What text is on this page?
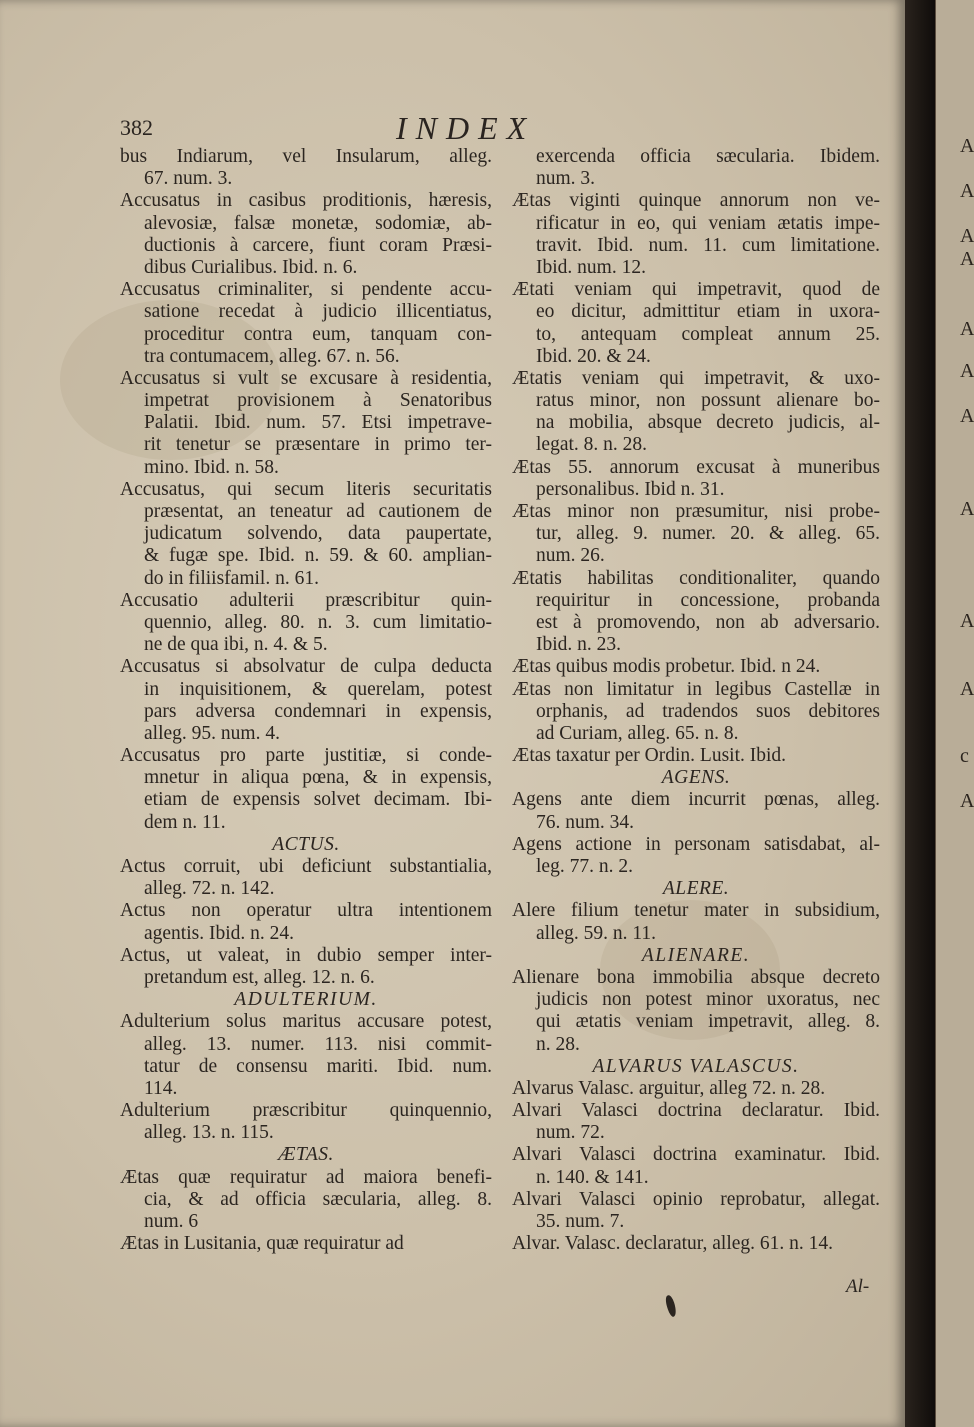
382	INDEX
bus Indiarum, vel Insularum, alleg.
67. num. 3.
Accusatus in casibus proditionis, hæresis,
alevosiæ, falsæ monetæ, sodomiæ, ab-
ductionis à carcere, fiunt coram Præsi-
dibus Curialibus. Ibid. n. 6.
Accusatus criminaliter, si pendente accu-
satione recedat à judicio illicentiatus,
proceditur contra eum, tanquam con-
tra contumacem, alleg. 67. n. 56.
Accusatus si vult se excusare à residentia,
impetrat provisionem à Senatoribus
Palatii. Ibid. num. 57. Etsi impetrave-
rit tenetur se præsentare in primo ter-
mino. Ibid. n. 58.
Accusatus, qui secum literis securitatis
præsentat, an teneatur ad cautionem de
judicatum solvendo, data paupertate,
& fugæ spe. Ibid. n. 59. & 60. amplian-
do in filiisfamil. n. 61.
Accusatio adulterii præscribitur quin-
quennio, alleg. 80. n. 3. cum limitatio-
ne de qua ibi, n. 4. & 5.
Accusatus si absolvatur de culpa deducta
in inquisitionem, & querelam, potest
pars adversa condemnari in expensis,
alleg. 95. num. 4.
Accusatus pro parte justitiæ, si conde-
mnetur in aliqua pœna, & in expensis,
etiam de expensis solvet decimam. Ibi-
dem n. 11.
ACTUS.
Actus corruit, ubi deficiunt substantialia,
alleg. 72. n. 142.
Actus non operatur ultra intentionem
agentis. Ibid. n. 24.
Actus, ut valeat, in dubio semper inter-
pretandum est, alleg. 12. n. 6.
ADULTERIUM.
Adulterium solus maritus accusare potest,
alleg. 13. numer. 113. nisi commit-
tatur de consensu mariti. Ibid. num.
114.
Adulterium præscribitur quinquennio,
alleg. 13. n. 115.
ÆTAS.
Ætas quæ requiratur ad maiora benefi-
cia, & ad officia sæcularia, alleg. 8.
num. 6
Ætas in Lusitania, quæ requiratur ad
exercenda officia sæcularia. Ibidem.
num. 3.
Ætas viginti quinque annorum non ve-
rificatur in eo, qui veniam ætatis impe-
travit. Ibid. num. 11. cum limitatione.
Ibid. num. 12.
Ætati veniam qui impetravit, quod de
eo dicitur, admittitur etiam in uxora-
to, antequam compleat annum 25.
Ibid. 20. & 24.
Ætatis veniam qui impetravit, & uxo-
ratus minor, non possunt alienare bo-
na mobilia, absque decreto judicis, al-
legat. 8. n. 28.
Ætas 55. annorum excusat à muneribus
personalibus. Ibid n. 31.
Ætas minor non præsumitur, nisi probe-
tur, alleg. 9. numer. 20. & alleg. 65.
num. 26.
Ætatis habilitas conditionaliter, quando
requiritur in concessione, probanda
est à promovendo, non ab adversario.
Ibid. n. 23.
Ætas quibus modis probetur. Ibid. n 24.
Ætas non limitatur in legibus Castellæ in
orphanis, ad tradendos suos debitores
ad Curiam, alleg. 65. n. 8.
Ætas taxatur per Ordin. Lusit. Ibid.
AGENS.
Agens ante diem incurrit pœnas, alleg.
76. num. 34.
Agens actione in personam satisdabat, al-
leg. 77. n. 2.
ALERE.
Alere filium tenetur mater in subsidium,
alleg. 59. n. 11.
ALIENARE.
Alienare bona immobilia absque decreto
judicis non potest minor uxoratus, nec
qui ætatis veniam impetravit, alleg. 8.
n. 28.
ALVARUS VALASCUS.
Alvarus Valasc. arguitur, alleg 72. n. 28.
Alvari Valasci doctrina declaratur. Ibid.
num. 72.
Alvari Valasci doctrina examinatur. Ibid.
n. 140. & 141.
Alvari Valasci opinio reprobatur, allegat.
35. num. 7.
Alvar. Valasc. declaratur, alleg. 61. n. 14.
Al-
A
A
A
A
A
A
A
A
A
A
c
A
